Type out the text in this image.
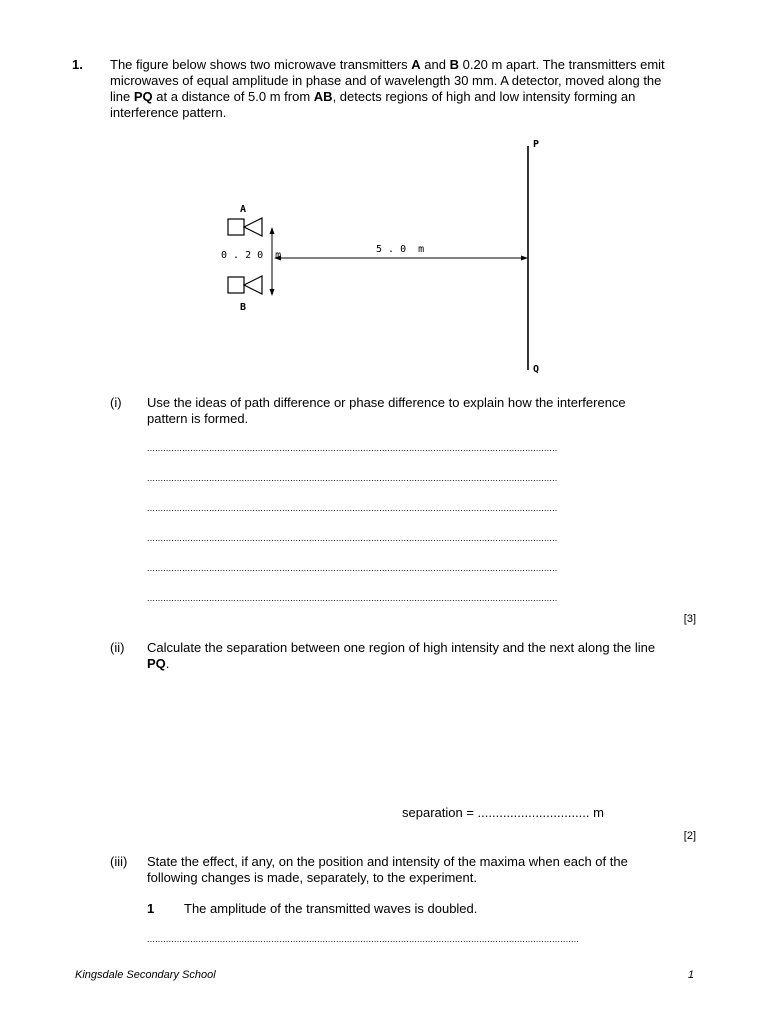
1. The figure below shows two microwave transmitters A and B 0.20 m apart. The transmitters emit microwaves of equal amplitude in phase and of wavelength 30 mm. A detector, moved along the line PQ at a distance of 5.0 m from AB, detects regions of high and low intensity forming an interference pattern.
A
B
P
Q
0 . 2 0  m
5 . 0  m
(i) Use the ideas of path difference or phase difference to explain how the interference pattern is formed.
........................................................................................................................................................
........................................................................................................................................................
........................................................................................................................................................
........................................................................................................................................................
........................................................................................................................................................
........................................................................................................................................................
[3]
(ii) Calculate the separation between one region of high intensity and the next along the line PQ.
separation = ............................... m
[2]
(iii) State the effect, if any, on the position and intensity of the maxima when each of the following changes is made, separately, to the experiment.
1 The amplitude of the transmitted waves is doubled.
................................................................................................................................................................
Kingsdale Secondary School	1
